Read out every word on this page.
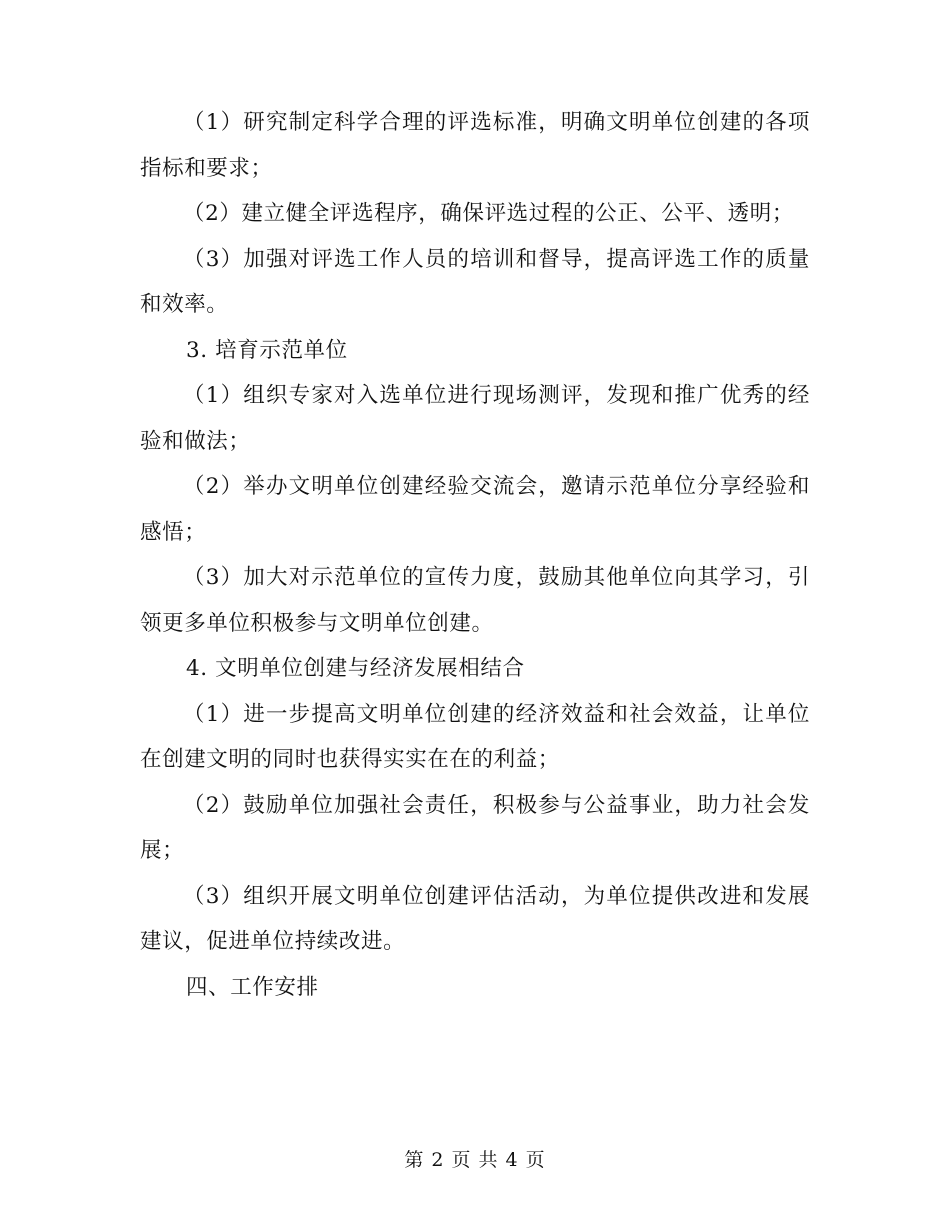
（1）研究制定科学合理的评选标准，明确文明单位创建的各项指标和要求；

（2）建立健全评选程序，确保评选过程的公正、公平、透明；

（3）加强对评选工作人员的培训和督导，提高评选工作的质量和效率。

3. 培育示范单位

（1）组织专家对入选单位进行现场测评，发现和推广优秀的经验和做法；

（2）举办文明单位创建经验交流会，邀请示范单位分享经验和感悟；

（3）加大对示范单位的宣传力度，鼓励其他单位向其学习，引领更多单位积极参与文明单位创建。

4. 文明单位创建与经济发展相结合

（1）进一步提高文明单位创建的经济效益和社会效益，让单位在创建文明的同时也获得实实在在的利益；

（2）鼓励单位加强社会责任，积极参与公益事业，助力社会发展；

（3）组织开展文明单位创建评估活动，为单位提供改进和发展建议，促进单位持续改进。

四、工作安排

第 2 页 共 4 页
